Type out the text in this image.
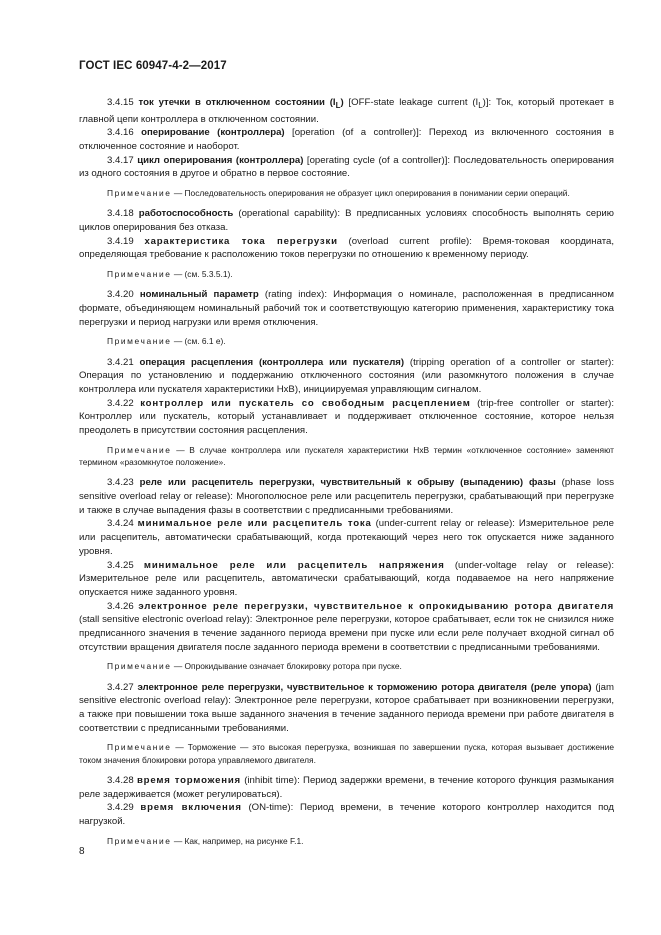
ГОСТ IEC 60947-4-2—2017

3.4.15 ток утечки в отключенном состоянии $(I_L)$ [OFF-state leakage current $(I_L)$]: Ток, который протекает в главной цепи контроллера в отключенном состоянии.

3.4.16 оперирование (контроллера) [operation (of a controller)]: Переход из включенного состояния в отключенное состояние и наоборот.

3.4.17 цикл оперирования (контроллера) [operating cycle (of a controller)]: Последовательность оперирования из одного состояния в другое и обратно в первое состояние.

Примечание — Последовательность оперирования не образует цикл оперирования в понимании серии операций.

3.4.18 работоспособность (operational capability): В предписанных условиях способность выполнять серию циклов оперирования без отказа.

3.4.19 характеристика тока перегрузки (overload current profile): Время-токовая координата, определяющая требование к расположению токов перегрузки по отношению к временному периоду.

Примечание — (см. 5.3.5.1).

3.4.20 номинальный параметр (rating index): Информация о номинале, расположенная в предписанном формате, объединяющем номинальный рабочий ток и соответствующую категорию применения, характеристику тока перегрузки и период нагрузки или время отключения.

Примечание — (см. 6.1 е).

3.4.21 операция расцепления (контроллера или пускателя) (tripping operation of a controller or starter): Операция по установлению и поддержанию отключенного состояния (или разомкнутого положения в случае контроллера или пускателя характеристики HxB), инициируемая управляющим сигналом.

3.4.22 контроллер или пускатель со свободным расцеплением (trip-free controller or starter): Контроллер или пускатель, который устанавливает и поддерживает отключенное состояние, которое нельзя преодолеть в присутствии состояния расцепления.

Примечание — В случае контроллера или пускателя характеристики HxB термин «отключенное состояние» заменяют термином «разомкнутое положение».

3.4.23 реле или расцепитель перегрузки, чувствительный к обрыву (выпадению) фазы (phase loss sensitive overload relay or release): Многополюсное реле или расцепитель перегрузки, срабатывающий при перегрузке и также в случае выпадения фазы в соответствии с предписанными требованиями.

3.4.24 минимальное реле или расцепитель тока (under-current relay or release): Измерительное реле или расцепитель, автоматически срабатывающий, когда протекающий через него ток опускается ниже заданного уровня.

3.4.25 минимальное реле или расцепитель напряжения (under-voltage relay or release): Измерительное реле или расцепитель, автоматически срабатывающий, когда подаваемое на него напряжение опускается ниже заданного уровня.

3.4.26 электронное реле перегрузки, чувствительное к опрокидыванию ротора двигателя (stall sensitive electronic overload relay): Электронное реле перегрузки, которое срабатывает, если ток не снизился ниже предписанного значения в течение заданного периода времени при пуске или если реле получает входной сигнал об отсутствии вращения двигателя после заданного периода времени в соответствии с предписанными требованиями.

Примечание — Опрокидывание означает блокировку ротора при пуске.

3.4.27 электронное реле перегрузки, чувствительное к торможению ротора двигателя (реле упора) (jam sensitive electronic overload relay): Электронное реле перегрузки, которое срабатывает при возникновении перегрузки, а также при повышении тока выше заданного значения в течение заданного периода времени при работе двигателя в соответствии с предписанными требованиями.

Примечание — Торможение — это высокая перегрузка, возникшая по завершении пуска, которая вызывает достижение током значения блокировки ротора управляемого двигателя.

3.4.28 время торможения (inhibit time): Период задержки времени, в течение которого функция размыкания реле задерживается (может регулироваться).

3.4.29 время включения (ON-time): Период времени, в течение которого контроллер находится под нагрузкой.

Примечание — Как, например, на рисунке F.1.

8
